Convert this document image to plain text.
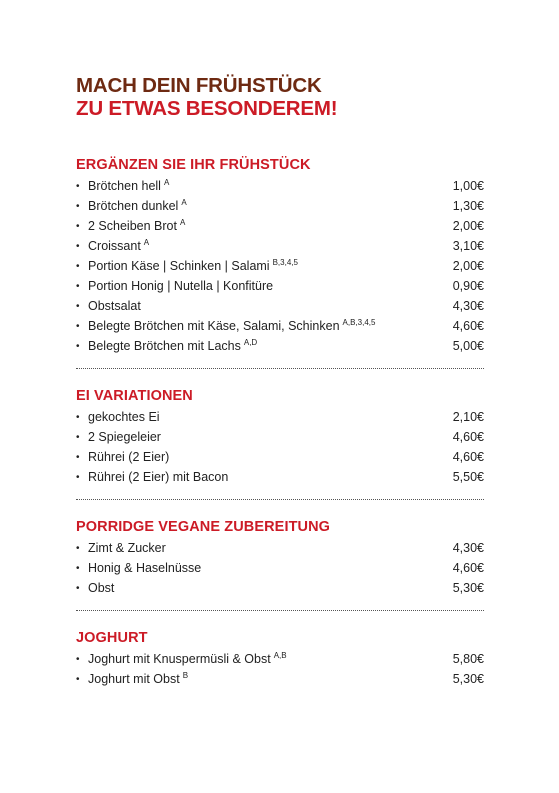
MACH DEIN FRÜHSTÜCK
ZU ETWAS BESONDEREM!
ERGÄNZEN SIE IHR FRÜHSTÜCK
• Brötchen hell A	1,00€
• Brötchen dunkel A	1,30€
• 2 Scheiben Brot A	2,00€
• Croissant A	3,10€
• Portion Käse | Schinken | Salami B,3,4,5	2,00€
• Portion Honig | Nutella | Konfitüre	0,90€
• Obstsalat	4,30€
• Belegte Brötchen mit Käse, Salami, Schinken A,B,3,4,5	4,60€
• Belegte Brötchen mit Lachs A,D	5,00€
EI VARIATIONEN
• gekochtes Ei	2,10€
• 2 Spiegeleier	4,60€
• Rührei (2 Eier)	4,60€
• Rührei (2 Eier) mit Bacon	5,50€
PORRIDGE VEGANE ZUBEREITUNG
• Zimt & Zucker	4,30€
• Honig & Haselnüsse	4,60€
• Obst	5,30€
JOGHURT
• Joghurt mit Knuspermüsli & Obst A,B	5,80€
• Joghurt mit Obst B	5,30€
